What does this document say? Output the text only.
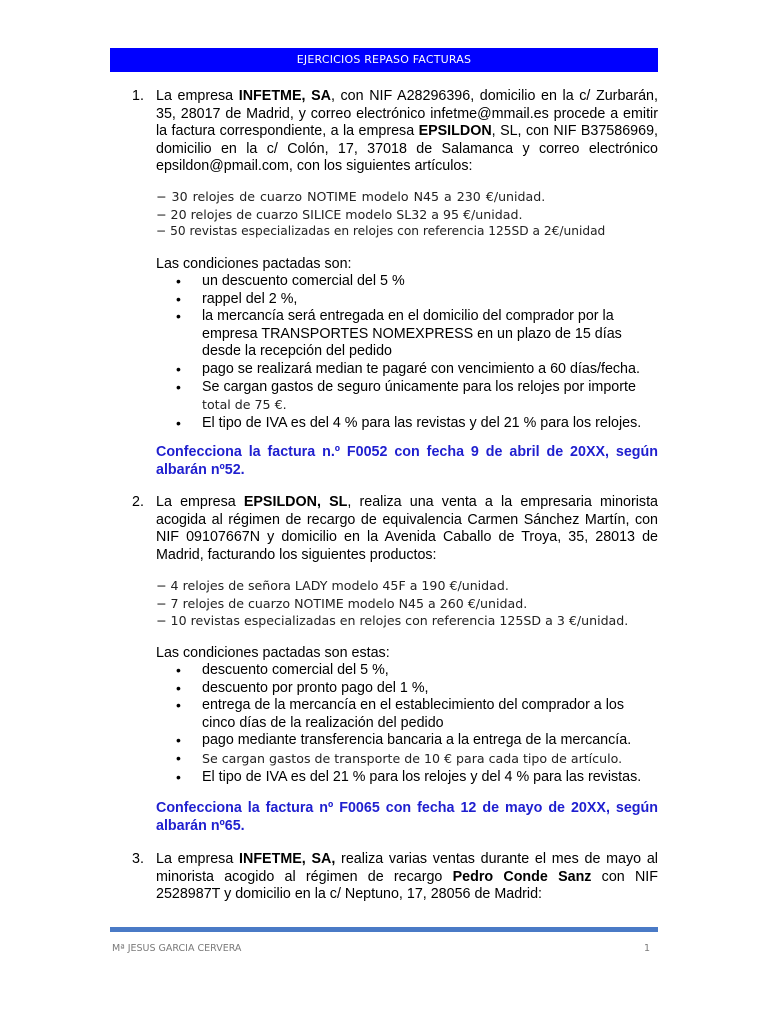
EJERCICIOS REPASO FACTURAS
1. La empresa INFETME, SA, con NIF A28296396, domicilio en la c/ Zurbarán, 35, 28017 de Madrid, y correo electrónico infetme@mmail.es procede a emitir la factura correspondiente, a la empresa EPSILDON, SL, con NIF B37586969, domicilio en la c/ Colón, 17, 37018 de Salamanca y correo electrónico epsildon@pmail.com, con los siguientes artículos:
− 30 relojes de cuarzo NOTIME modelo N45 a 230 €/unidad.
− 20 relojes de cuarzo SILICE modelo SL32 a 95 €/unidad.
− 50 revistas especializadas en relojes con referencia 125SD a 2€/unidad
Las condiciones pactadas son:
• un descuento comercial del 5 %
• rappel del 2 %,
• la mercancía será entregada en el domicilio del comprador por la empresa TRANSPORTES NOMEXPRESS en un plazo de 15 días desde la recepción del pedido
• pago se realizará median te pagaré con vencimiento a 60 días/fecha.
• Se cargan gastos de seguro únicamente para los relojes por importe
total de 75 €.
• El tipo de IVA es del 4 % para las revistas y del 21 % para los relojes.
Confecciona la factura n.º F0052 con fecha 9 de abril de 20XX, según albarán nº52.
2. La empresa EPSILDON, SL, realiza una venta a la empresaria minorista acogida al régimen de recargo de equivalencia Carmen Sánchez Martín, con NIF 09107667N y domicilio en la Avenida Caballo de Troya, 35, 28013 de Madrid, facturando los siguientes productos:
− 4 relojes de señora LADY modelo 45F a 190 €/unidad.
− 7 relojes de cuarzo NOTIME modelo N45 a 260 €/unidad.
− 10 revistas especializadas en relojes con referencia 125SD a 3 €/unidad.
Las condiciones pactadas son estas:
• descuento comercial del 5 %,
• descuento por pronto pago del 1 %,
• entrega de la mercancía en el establecimiento del comprador a los cinco días de la realización del pedido
• pago mediante transferencia bancaria a la entrega de la mercancía.
• Se cargan gastos de transporte de 10 € para cada tipo de artículo.
• El tipo de IVA es del 21 % para los relojes y del 4 % para las revistas.
Confecciona la factura nº F0065 con fecha 12 de mayo de 20XX, según albarán nº65.
3. La empresa INFETME, SA, realiza varias ventas durante el mes de mayo al minorista acogido al régimen de recargo Pedro Conde Sanz con NIF 2528987T y domicilio en la c/ Neptuno, 17, 28056 de Madrid:
Mª JESUS GARCIA CERVERA	1
